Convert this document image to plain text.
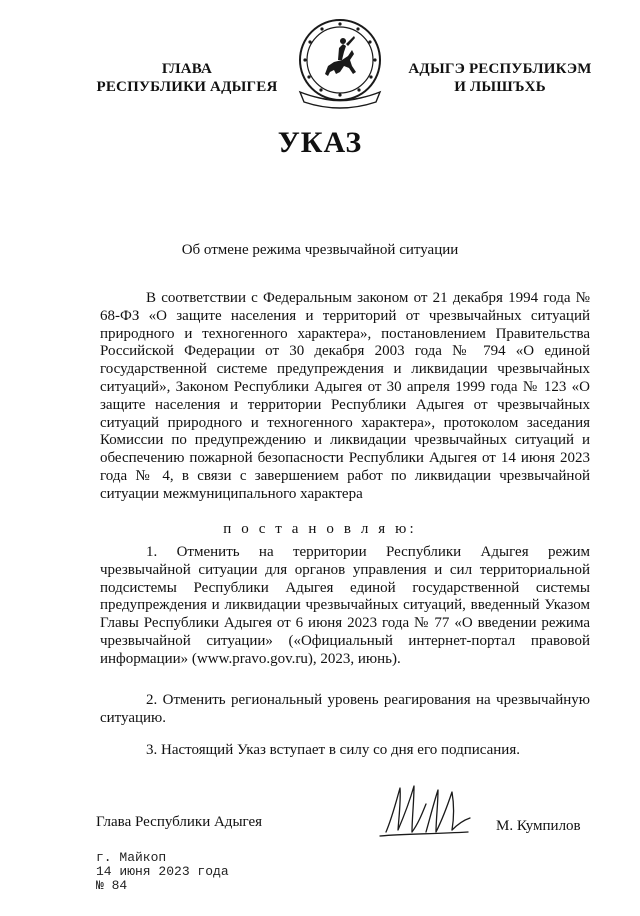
ГЛАВА
РЕСПУБЛИКИ АДЫГЕЯ
АДЫГЭ РЕСПУБЛИКЭМ
И ЛЫШЪХЬ
УКАЗ
Об отмене режима чрезвычайной ситуации

В соответствии с Федеральным законом от 21 декабря 1994 года № 68-ФЗ «О защите населения и территорий от чрезвычайных ситуаций природного и техногенного характера», постановлением Правительства Российской Федерации от 30 декабря 2003 года № 794 «О единой государственной системе предупреждения и ликвидации чрезвычайных ситуаций», Законом Республики Адыгея от 30 апреля 1999 года № 123 «О защите населения и территории Республики Адыгея от чрезвычайных ситуаций природного и техногенного характера», протоколом заседания Комиссии по предупреждению и ликвидации чрезвычайных ситуаций и обеспечению пожарной безопасности Республики Адыгея от 14 июня 2023 года № 4, в связи с завершением работ по ликвидации чрезвычайной ситуации межмуниципального характера

п о с т а н о в л я ю:

1. Отменить на территории Республики Адыгея режим чрезвычайной ситуации для органов управления и сил территориальной подсистемы Республики Адыгея единой государственной системы предупреждения и ликвидации чрезвычайных ситуаций, введенный Указом Главы Республики Адыгея от 6 июня 2023 года № 77 «О введении режима чрезвычайной ситуации» («Официальный интернет-портал правовой информации» (www.pravo.gov.ru), 2023, июнь).

2. Отменить региональный уровень реагирования на чрезвычайную ситуацию.

3. Настоящий Указ вступает в силу со дня его подписания.

Глава Республики Адыгея	М. Кумпилов
г. Майкоп
14 июня 2023 года
№ 84
